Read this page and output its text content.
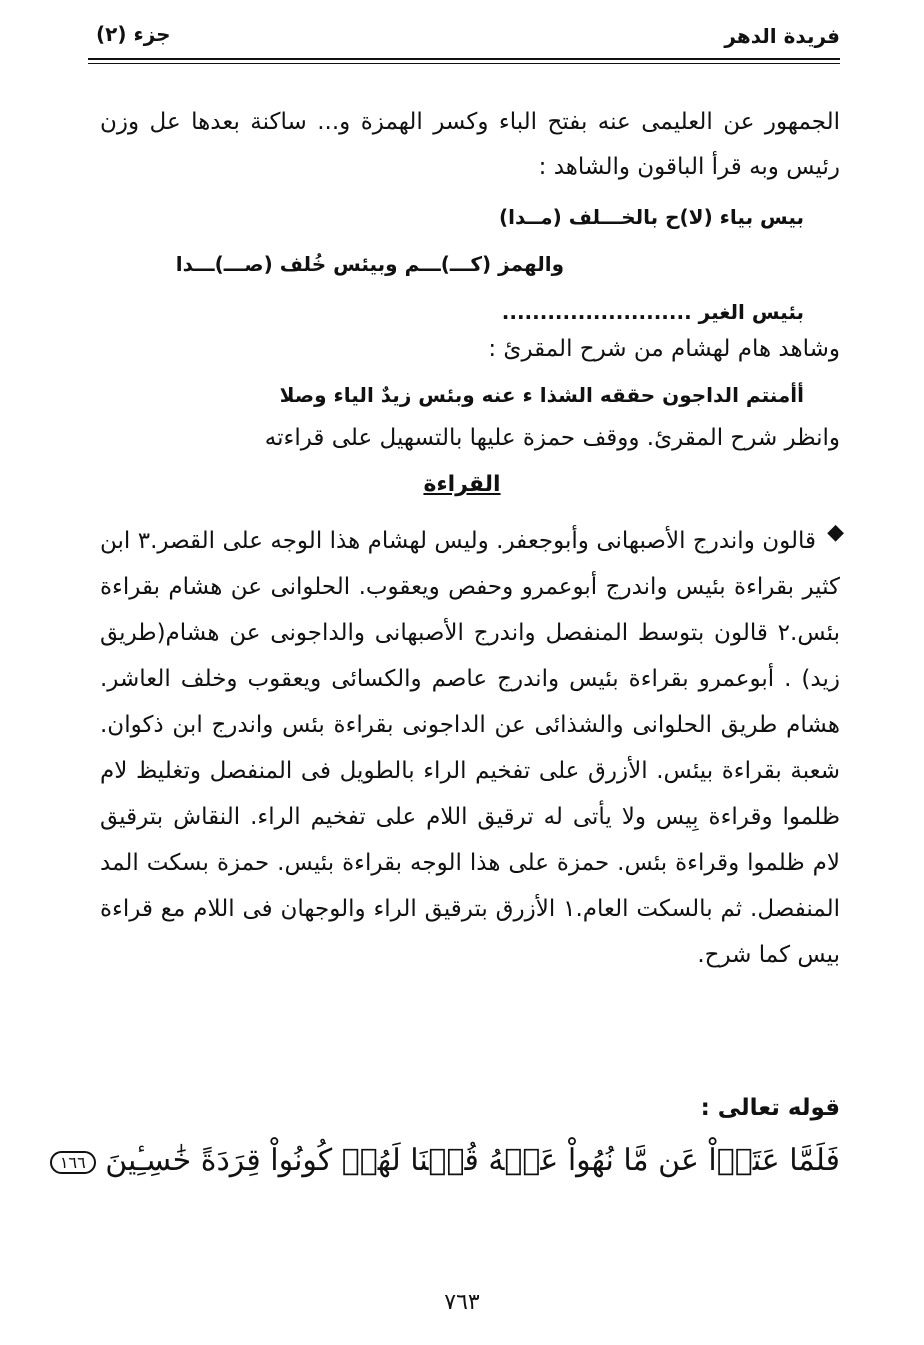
فريدة الدهر
جزء (٢)
الجمهور عن العليمى عنه بفتح الباء وكسر الهمزة و... ساكنة بعدها عل وزن رئيس وبه قرأ الباقون والشاهد :
بيس بياء (لا)ح بالخـــلف (مــدا)
والهمز (كـــ)ـــم وبيئس خُلف (صـــ)ـــدا
بئيس الغير .........................
وشاهد هام لهشام من شرح المقرئ :
أأمنتم الداجون حققه الشذا ء عنه وبئس زيدٌ الياء وصلا
وانظر شرح المقرئ. ووقف حمزة عليها بالتسهيل على قراءته
القراءة
◆
قالون واندرج الأصبهانى وأبوجعفر. وليس لهشام هذا الوجه على القصر.٣ ابن كثير بقراءة بئيس واندرج أبوعمرو وحفص ويعقوب. الحلوانى عن هشام بقراءة بئس.٢ قالون بتوسط المنفصل واندرج الأصبهانى والداجونى عن هشام(طريق زيد) . أبوعمرو بقراءة بئيس واندرج عاصم والكسائى ويعقوب وخلف العاشر. هشام طريق الحلوانى والشذائى عن الداجونى بقراءة بئس واندرج ابن ذكوان. شعبة بقراءة بيئس. الأزرق على تفخيم الراء بالطويل فى المنفصل وتغليظ لام ظلموا وقراءة بِيس ولا يأتى له ترقيق اللام على تفخيم الراء. النقاش بترقيق لام ظلموا وقراءة بئس. حمزة على هذا الوجه بقراءة بئيس. حمزة بسكت المد المنفصل. ثم بالسكت العام.١ الأزرق بترقيق الراء والوجهان فى اللام مع قراءة بيس كما شرح.
قوله تعالى :
فَلَمَّا عَتَوۡاْ عَن مَّا نُهُواْ عَنۡهُ قُلۡنَا لَهُمۡ كُونُواْ قِرَدَةً خَٰسِـِٔينَ ١٦٦
٧٦٣
